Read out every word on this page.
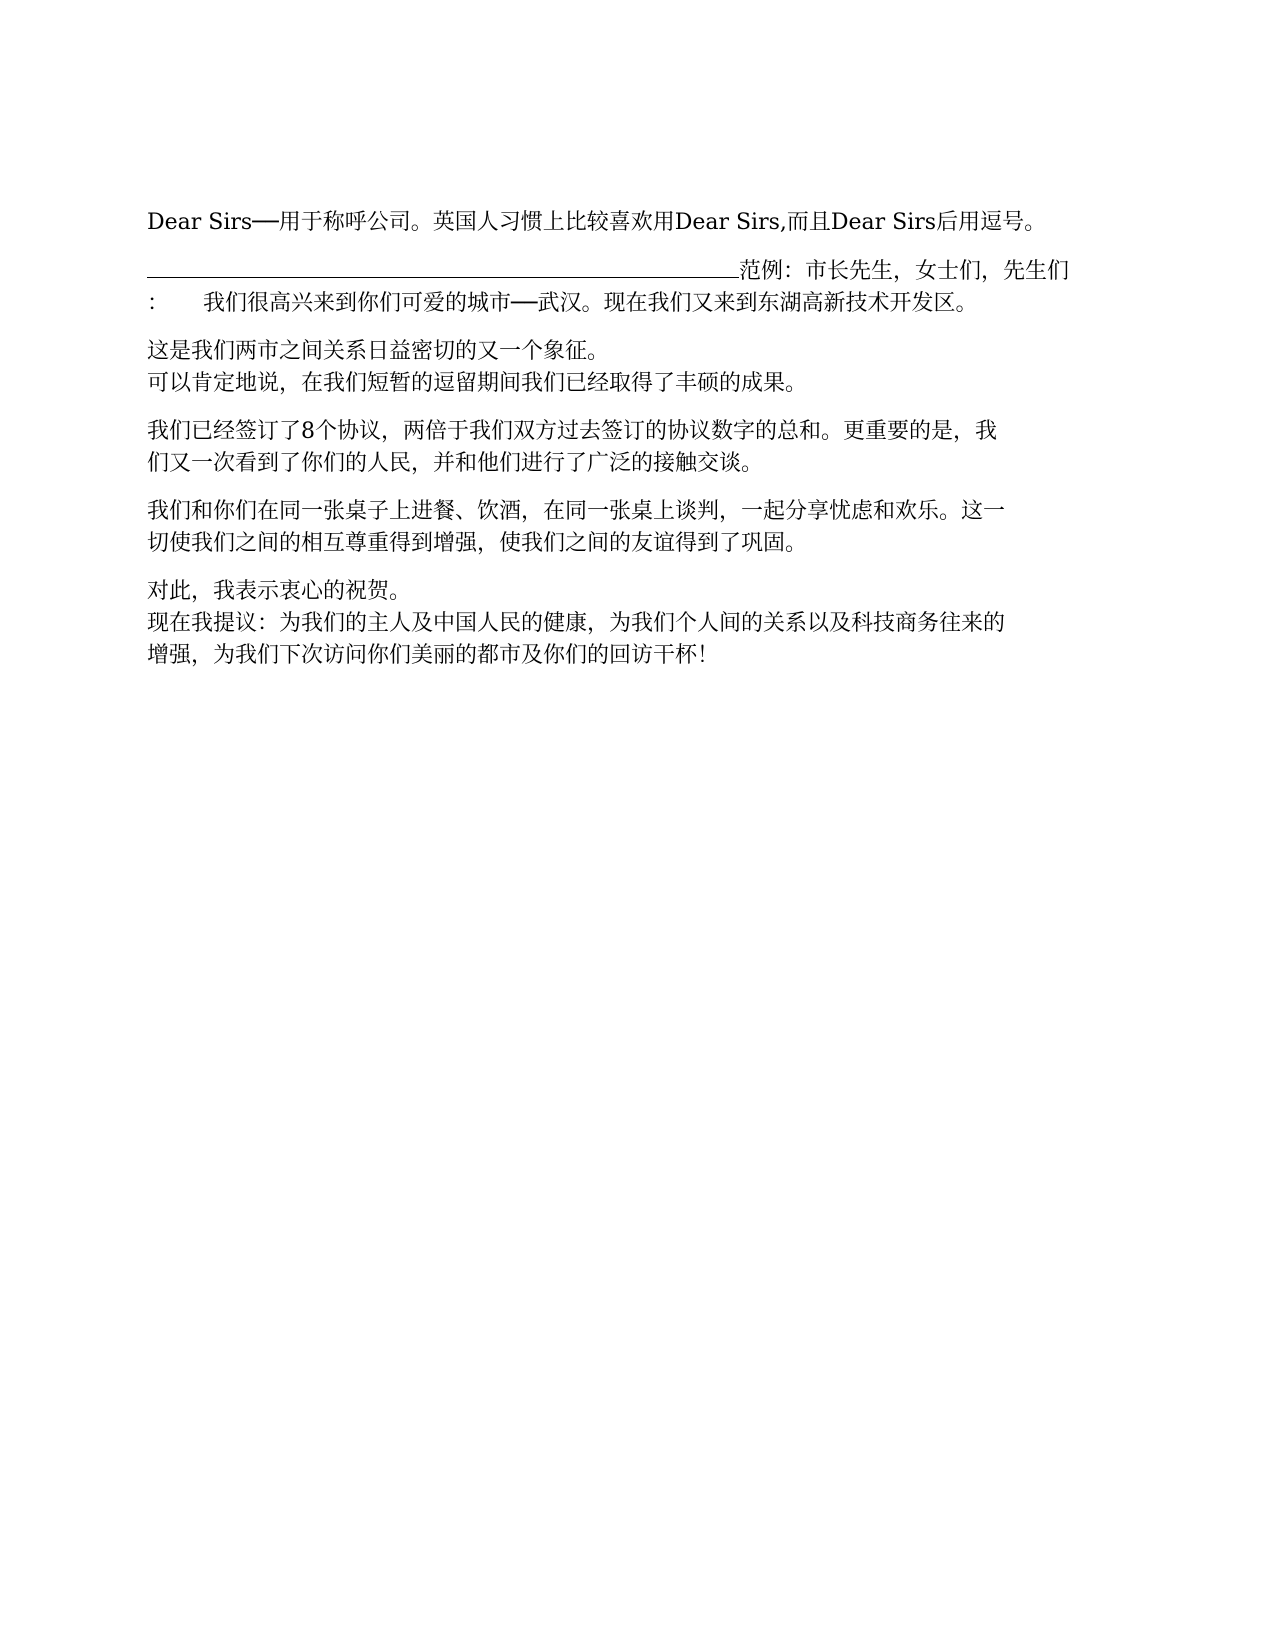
Dear Sirs──用于称呼公司。英国人习惯上比较喜欢用Dear Sirs,而且Dear Sirs后用逗号。

范例：市长先生，女士们，先生们
： 我们很高兴来到你们可爱的城市──武汉。现在我们又来到东湖高新技术开发区。

这是我们两市之间关系日益密切的又一个象征。
可以肯定地说，在我们短暂的逗留期间我们已经取得了丰硕的成果。

我们已经签订了8个协议，两倍于我们双方过去签订的协议数字的总和。更重要的是，我
们又一次看到了你们的人民，并和他们进行了广泛的接触交谈。

我们和你们在同一张桌子上进餐、饮酒，在同一张桌上谈判，一起分享忧虑和欢乐。这一
切使我们之间的相互尊重得到增强，使我们之间的友谊得到了巩固。

对此，我表示衷心的祝贺。
现在我提议：为我们的主人及中国人民的健康，为我们个人间的关系以及科技商务往来的
增强，为我们下次访问你们美丽的都市及你们的回访干杯！
